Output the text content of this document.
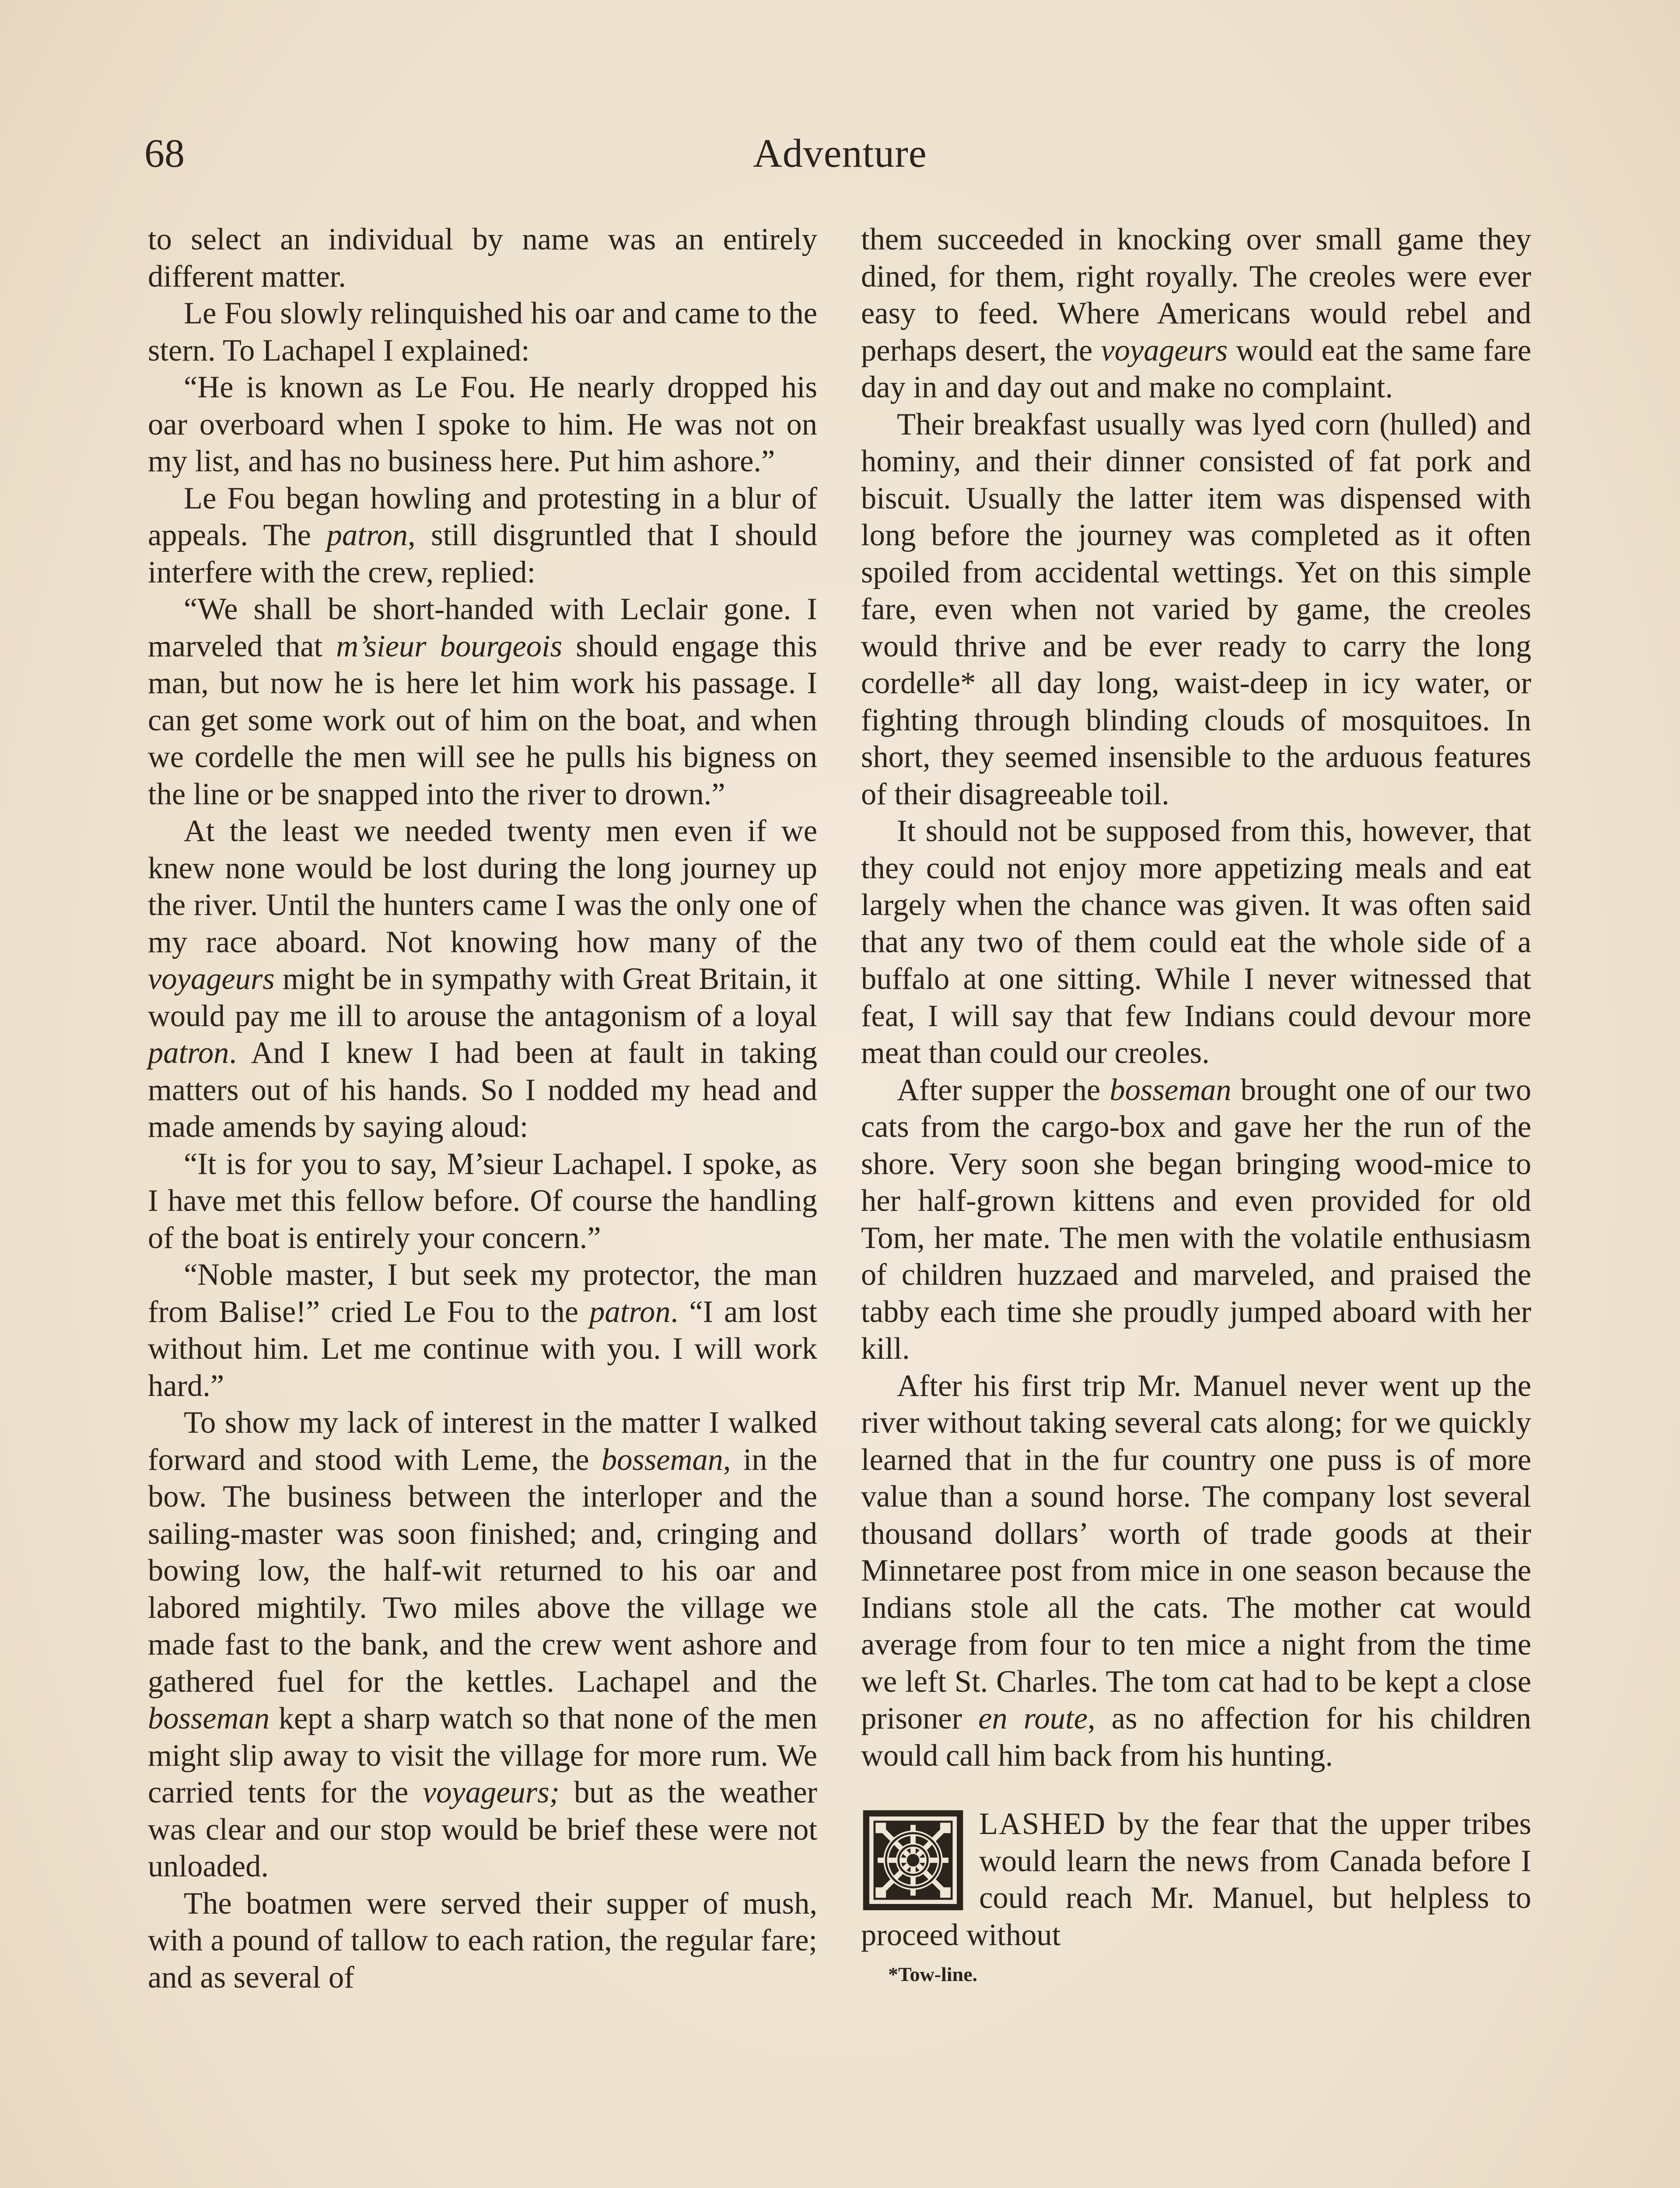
68	Adventure

to select an individual by name was an entirely different matter.

Le Fou slowly relinquished his oar and came to the stern. To Lachapel I explained:

“He is known as Le Fou. He nearly dropped his oar overboard when I spoke to him. He was not on my list, and has no business here. Put him ashore.”

Le Fou began howling and protesting in a blur of appeals. The patron, still disgruntled that I should interfere with the crew, replied:

“We shall be short-handed with Leclair gone. I marveled that m’sieur bourgeois should engage this man, but now he is here let him work his passage. I can get some work out of him on the boat, and when we cordelle the men will see he pulls his bigness on the line or be snapped into the river to drown.”

At the least we needed twenty men even if we knew none would be lost during the long journey up the river. Until the hunters came I was the only one of my race aboard. Not knowing how many of the voyageurs might be in sympathy with Great Britain, it would pay me ill to arouse the antagonism of a loyal patron. And I knew I had been at fault in taking matters out of his hands. So I nodded my head and made amends by saying aloud:

“It is for you to say, M’sieur Lachapel. I spoke, as I have met this fellow before. Of course the handling of the boat is entirely your concern.”

“Noble master, I but seek my protector, the man from Balise!” cried Le Fou to the patron. “I am lost without him. Let me continue with you. I will work hard.”

To show my lack of interest in the matter I walked forward and stood with Leme, the bosseman, in the bow. The business between the interloper and the sailing-master was soon finished; and, cringing and bowing low, the half-wit returned to his oar and labored mightily. Two miles above the village we made fast to the bank, and the crew went ashore and gathered fuel for the kettles. Lachapel and the bosseman kept a sharp watch so that none of the men might slip away to visit the village for more rum. We carried tents for the voyageurs; but as the weather was clear and our stop would be brief these were not unloaded.

The boatmen were served their supper of mush, with a pound of tallow to each ration, the regular fare; and as several of

them succeeded in knocking over small game they dined, for them, right royally. The creoles were ever easy to feed. Where Americans would rebel and perhaps desert, the voyageurs would eat the same fare day in and day out and make no complaint.

Their breakfast usually was lyed corn (hulled) and hominy, and their dinner consisted of fat pork and biscuit. Usually the latter item was dispensed with long before the journey was completed as it often spoiled from accidental wettings. Yet on this simple fare, even when not varied by game, the creoles would thrive and be ever ready to carry the long cordelle* all day long, waist-deep in icy water, or fighting through blinding clouds of mosquitoes. In short, they seemed insensible to the arduous features of their disagreeable toil.

It should not be supposed from this, however, that they could not enjoy more appetizing meals and eat largely when the chance was given. It was often said that any two of them could eat the whole side of a buffalo at one sitting. While I never witnessed that feat, I will say that few Indians could devour more meat than could our creoles.

After supper the bosseman brought one of our two cats from the cargo-box and gave her the run of the shore. Very soon she began bringing wood-mice to her half-grown kittens and even provided for old Tom, her mate. The men with the volatile enthusiasm of children huzzaed and marveled, and praised the tabby each time she proudly jumped aboard with her kill.

After his first trip Mr. Manuel never went up the river without taking several cats along; for we quickly learned that in the fur country one puss is of more value than a sound horse. The company lost several thousand dollars’ worth of trade goods at their Minnetaree post from mice in one season because the Indians stole all the cats. The mother cat would average from four to ten mice a night from the time we left St. Charles. The tom cat had to be kept a close prisoner en route, as no affection for his children would call him back from his hunting.

LASHED by the fear that the upper tribes would learn the news from Canada before I could reach Mr. Manuel, but helpless to proceed without

*Tow-line.
